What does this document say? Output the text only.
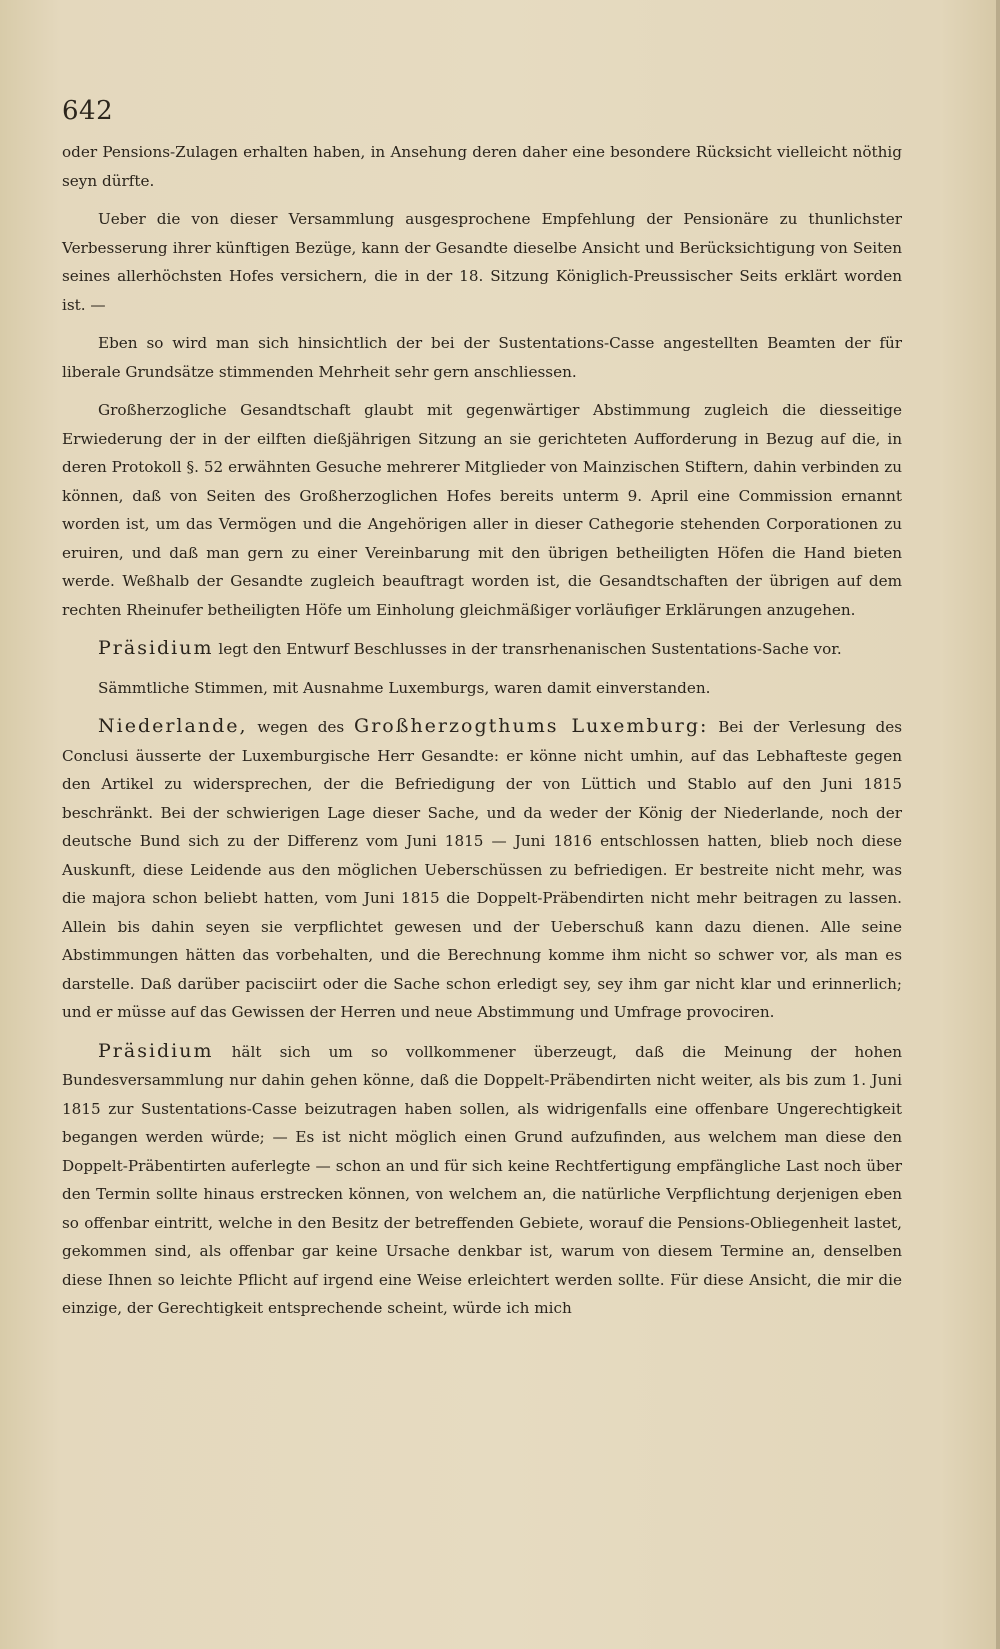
642

oder Pensions-Zulagen erhalten haben, in Ansehung deren daher eine besondere Rücksicht vielleicht nöthig seyn dürfte.

Ueber die von dieser Versammlung ausgesprochene Empfehlung der Pensionäre zu thunlichster Verbesserung ihrer künftigen Bezüge, kann der Gesandte dieselbe Ansicht und Berücksichtigung von Seiten seines allerhöchsten Hofes versichern, die in der 18. Sitzung Königlich-Preussischer Seits erklärt worden ist. —

Eben so wird man sich hinsichtlich der bei der Sustentations-Casse angestellten Beamten der für liberale Grundsätze stimmenden Mehrheit sehr gern anschliessen.

Großherzogliche Gesandtschaft glaubt mit gegenwärtiger Abstimmung zugleich die diesseitige Erwiederung der in der eilften dießjährigen Sitzung an sie gerichteten Aufforderung in Bezug auf die, in deren Protokoll §. 52 erwähnten Gesuche mehrerer Mitglieder von Mainzischen Stiftern, dahin verbinden zu können, daß von Seiten des Großherzoglichen Hofes bereits unterm 9. April eine Commission ernannt worden ist, um das Vermögen und die Angehörigen aller in dieser Cathegorie stehenden Corporationen zu eruiren, und daß man gern zu einer Vereinbarung mit den übrigen betheiligten Höfen die Hand bieten werde. Weßhalb der Gesandte zugleich beauftragt worden ist, die Gesandtschaften der übrigen auf dem rechten Rheinufer betheiligten Höfe um Einholung gleichmäßiger vorläufiger Erklärungen anzugehen.

Präsidium legt den Entwurf Beschlusses in der transrhenanischen Sustentations-Sache vor.

Sämmtliche Stimmen, mit Ausnahme Luxemburgs, waren damit einverstanden.

Niederlande, wegen des Großherzogthums Luxemburg: Bei der Verlesung des Conclusi äusserte der Luxemburgische Herr Gesandte: er könne nicht umhin, auf das Lebhafteste gegen den Artikel zu widersprechen, der die Befriedigung der von Lüttich und Stablo auf den Juni 1815 beschränkt. Bei der schwierigen Lage dieser Sache, und da weder der König der Niederlande, noch der deutsche Bund sich zu der Differenz vom Juni 1815 — Juni 1816 entschlossen hatten, blieb noch diese Auskunft, diese Leidende aus den möglichen Ueberschüssen zu befriedigen. Er bestreite nicht mehr, was die majora schon beliebt hatten, vom Juni 1815 die Doppelt-Präbendirten nicht mehr beitragen zu lassen. Allein bis dahin seyen sie verpflichtet gewesen und der Ueberschuß kann dazu dienen. Alle seine Abstimmungen hätten das vorbehalten, und die Berechnung komme ihm nicht so schwer vor, als man es darstelle. Daß darüber pacisciirt oder die Sache schon erledigt sey, sey ihm gar nicht klar und erinnerlich; und er müsse auf das Gewissen der Herren und neue Abstimmung und Umfrage provociren.

Präsidium hält sich um so vollkommener überzeugt, daß die Meinung der hohen Bundesversammlung nur dahin gehen könne, daß die Doppelt-Präbendirten nicht weiter, als bis zum 1. Juni 1815 zur Sustentations-Casse beizutragen haben sollen, als widrigenfalls eine offenbare Ungerechtigkeit begangen werden würde; — Es ist nicht möglich einen Grund aufzufinden, aus welchem man diese den Doppelt-Präbentirten auferlegte — schon an und für sich keine Rechtfertigung empfängliche Last noch über den Termin sollte hinaus erstrecken können, von welchem an, die natürliche Verpflichtung derjenigen eben so offenbar eintritt, welche in den Besitz der betreffenden Gebiete, worauf die Pensions-Obliegenheit lastet, gekommen sind, als offenbar gar keine Ursache denkbar ist, warum von diesem Termine an, denselben diese Ihnen so leichte Pflicht auf irgend eine Weise erleichtert werden sollte. Für diese Ansicht, die mir die einzige, der Gerechtigkeit entsprechende scheint, würde ich mich
